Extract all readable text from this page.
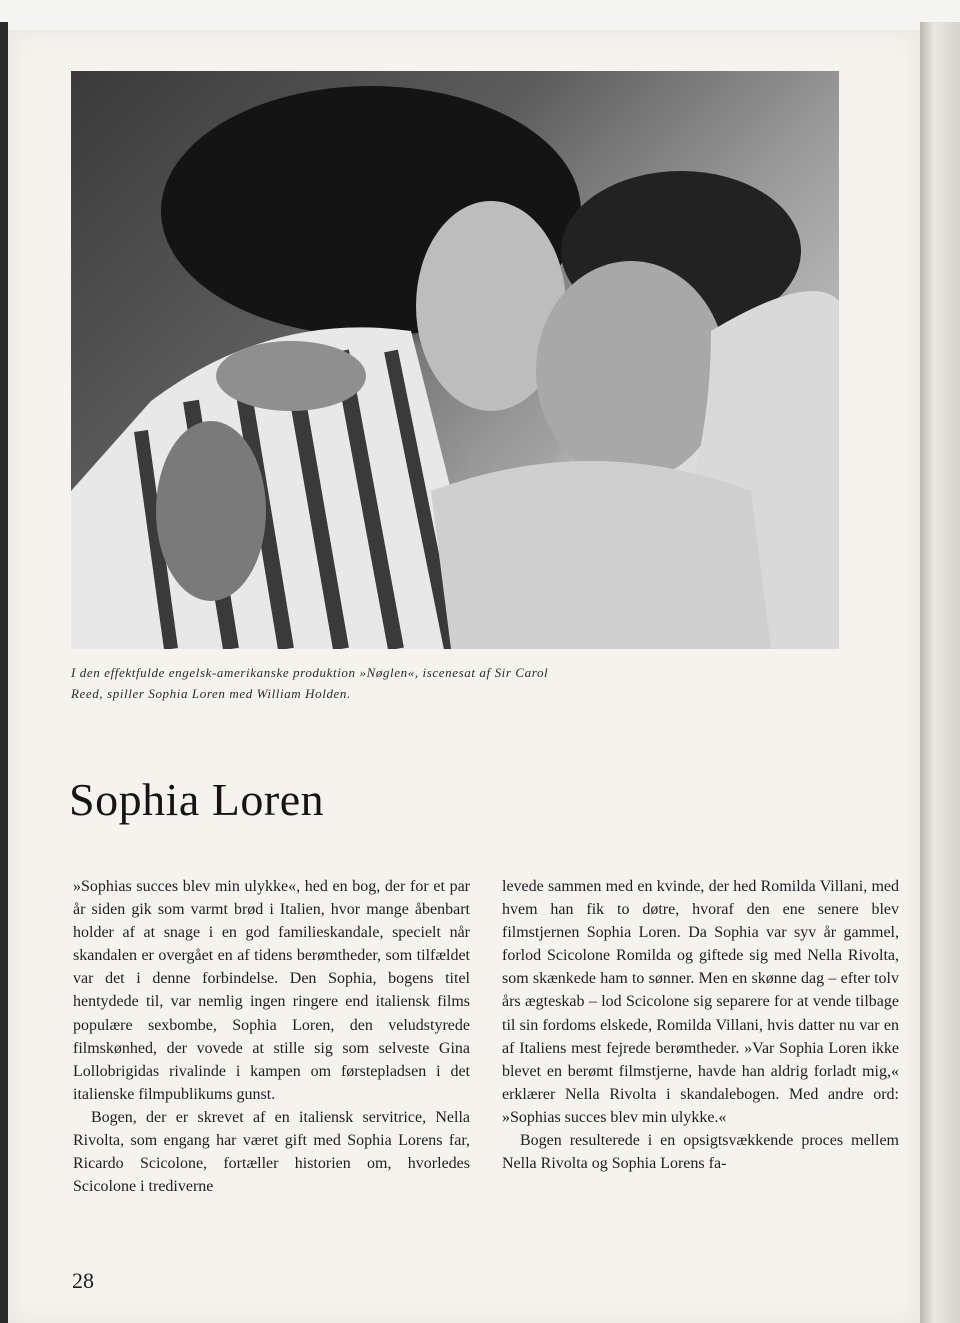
I den effektfulde engelsk-amerikanske produktion »Nøglen«, iscenesat af Sir Carol

Reed, spiller Sophia Loren med William Holden.

Sophia Loren

»Sophias succes blev min ulykke«, hed en bog, der for et par år siden gik som varmt brød i Italien, hvor mange åbenbart holder af at snage i en god familieskandale, specielt når skandalen er overgået en af tidens berømtheder, som tilfældet var det i denne forbindelse. Den Sophia, bogens titel hentydede til, var nemlig ingen ringere end italiensk films populære sexbombe, Sophia Loren, den veludstyrede filmskønhed, der vovede at stille sig som selveste Gina Lollobrigidas rivalinde i kampen om førstepladsen i det italienske filmpublikums gunst.

Bogen, der er skrevet af en italiensk servitrice, Nella Rivolta, som engang har været gift med Sophia Lorens far, Ricardo Scicolone, fortæller historien om, hvorledes Scicolone i trediverne

levede sammen med en kvinde, der hed Romilda Villani, med hvem han fik to døtre, hvoraf den ene senere blev filmstjernen Sophia Loren. Da Sophia var syv år gammel, forlod Scicolone Romilda og giftede sig med Nella Rivolta, som skænkede ham to sønner. Men en skønne dag – efter tolv års ægteskab – lod Scicolone sig separere for at vende tilbage til sin fordoms elskede, Romilda Villani, hvis datter nu var en af Italiens mest fejrede berømtheder. »Var Sophia Loren ikke blevet en berømt filmstjerne, havde han aldrig forladt mig,« erklærer Nella Rivolta i skandalebogen. Med andre ord: »Sophias succes blev min ulykke.«

Bogen resulterede i en opsigtsvækkende proces mellem Nella Rivolta og Sophia Lorens fa-

28
